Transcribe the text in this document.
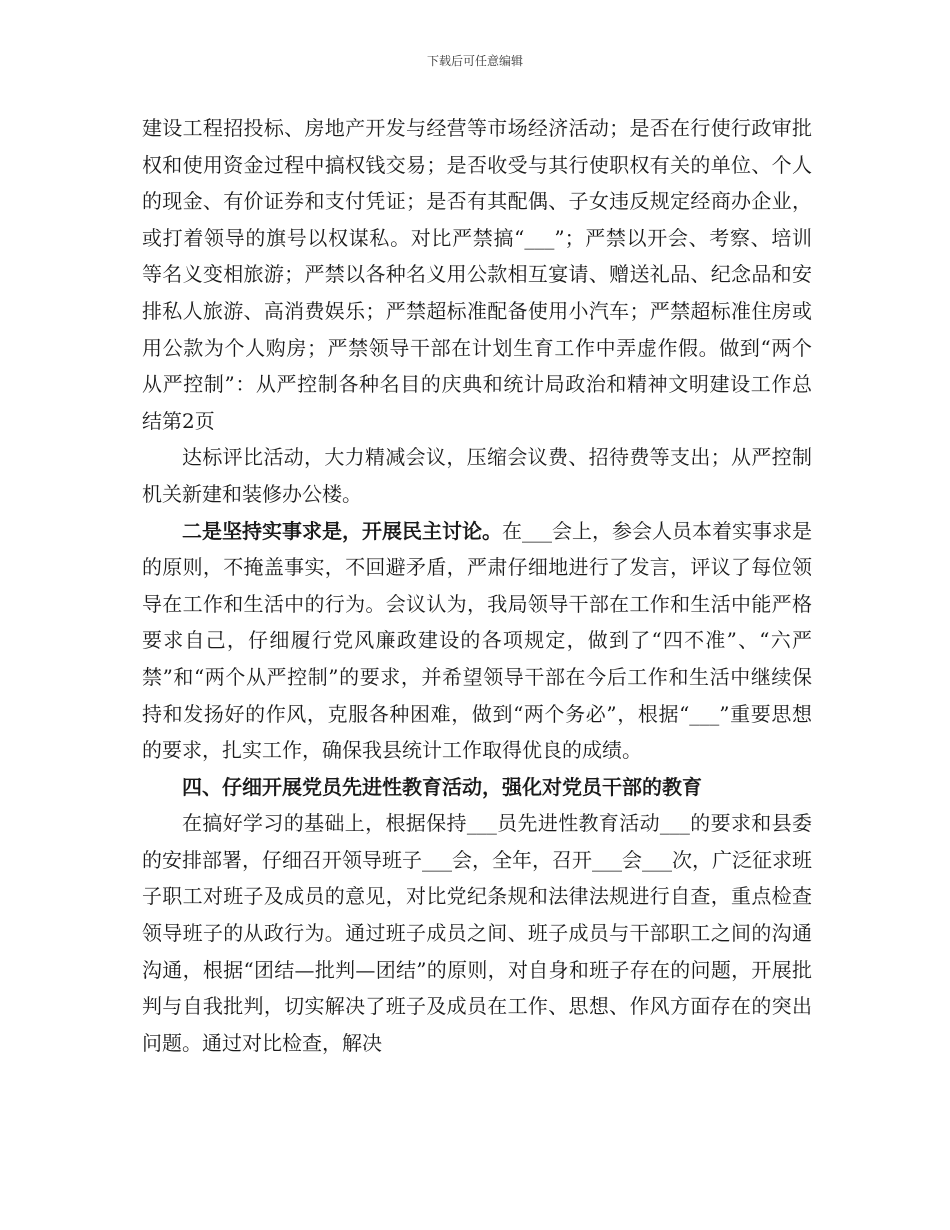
下载后可任意编辑

建设工程招投标、房地产开发与经营等市场经济活动；是否在行使行政审批权和使用资金过程中搞权钱交易；是否收受与其行使职权有关的单位、个人的现金、有价证券和支付凭证；是否有其配偶、子女违反规定经商办企业，或打着领导的旗号以权谋私。对比严禁搞“___”；严禁以开会、考察、培训等名义变相旅游；严禁以各种名义用公款相互宴请、赠送礼品、纪念品和安排私人旅游、高消费娱乐；严禁超标准配备使用小汽车；严禁超标准住房或用公款为个人购房；严禁领导干部在计划生育工作中弄虚作假。做到“两个从严控制”：从严控制各种名目的庆典和统计局政治和精神文明建设工作总结第2页

达标评比活动，大力精减会议，压缩会议费、招待费等支出；从严控制机关新建和装修办公楼。

二是坚持实事求是，开展民主讨论。在___会上，参会人员本着实事求是的原则，不掩盖事实，不回避矛盾，严肃仔细地进行了发言，评议了每位领导在工作和生活中的行为。会议认为，我局领导干部在工作和生活中能严格要求自己，仔细履行党风廉政建设的各项规定，做到了“四不准”、“六严禁”和“两个从严控制”的要求，并希望领导干部在今后工作和生活中继续保持和发扬好的作风，克服各种困难，做到“两个务必”，根据“___”重要思想的要求，扎实工作，确保我县统计工作取得优良的成绩。

四、仔细开展党员先进性教育活动，强化对党员干部的教育

在搞好学习的基础上，根据保持___员先进性教育活动___的要求和县委的安排部署，仔细召开领导班子___会，全年，召开___会___次，广泛征求班子职工对班子及成员的意见，对比党纪条规和法律法规进行自查，重点检查领导班子的从政行为。通过班子成员之间、班子成员与干部职工之间的沟通沟通，根据“团结—批判—团结”的原则，对自身和班子存在的问题，开展批判与自我批判，切实解决了班子及成员在工作、思想、作风方面存在的突出问题。通过对比检查，解决
